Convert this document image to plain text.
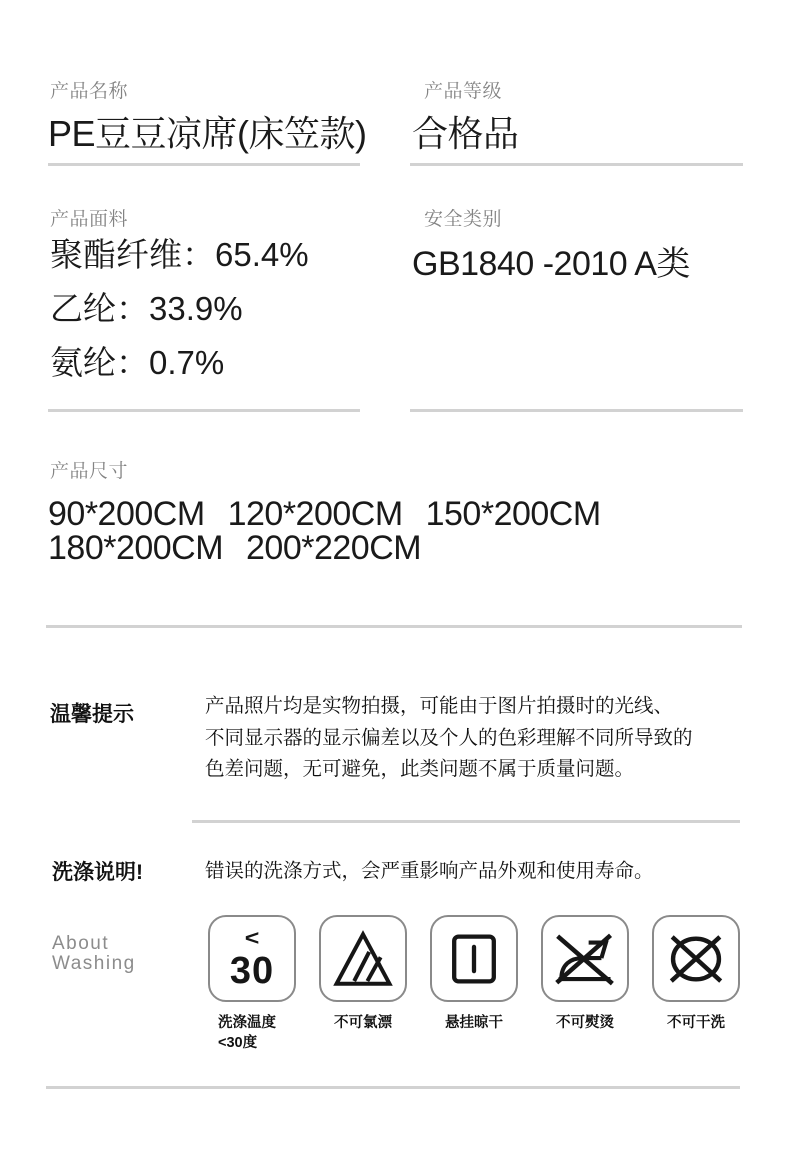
产品名称
PE豆豆凉席(床笠款)
产品等级
合格品
产品面料
聚酯纤维：65.4%
乙纶：33.9%
氨纶：0.7%
安全类别
GB1840 -2010 A类
产品尺寸
90*200CM 120*200CM 150*200CM
180*200CM 200*220CM
温馨提示	产品照片均是实物拍摄，可能由于图片拍摄时的光线、
不同显示器的显示偏差以及个人的色彩理解不同所导致的
色差问题，无可避免，此类问题不属于质量问题。
洗涤说明!	错误的洗涤方式，会严重影响产品外观和使用寿命。
About
Washing
<
30
洗涤温度
<30度
不可氯漂	悬挂晾干	不可熨烫	不可干洗
